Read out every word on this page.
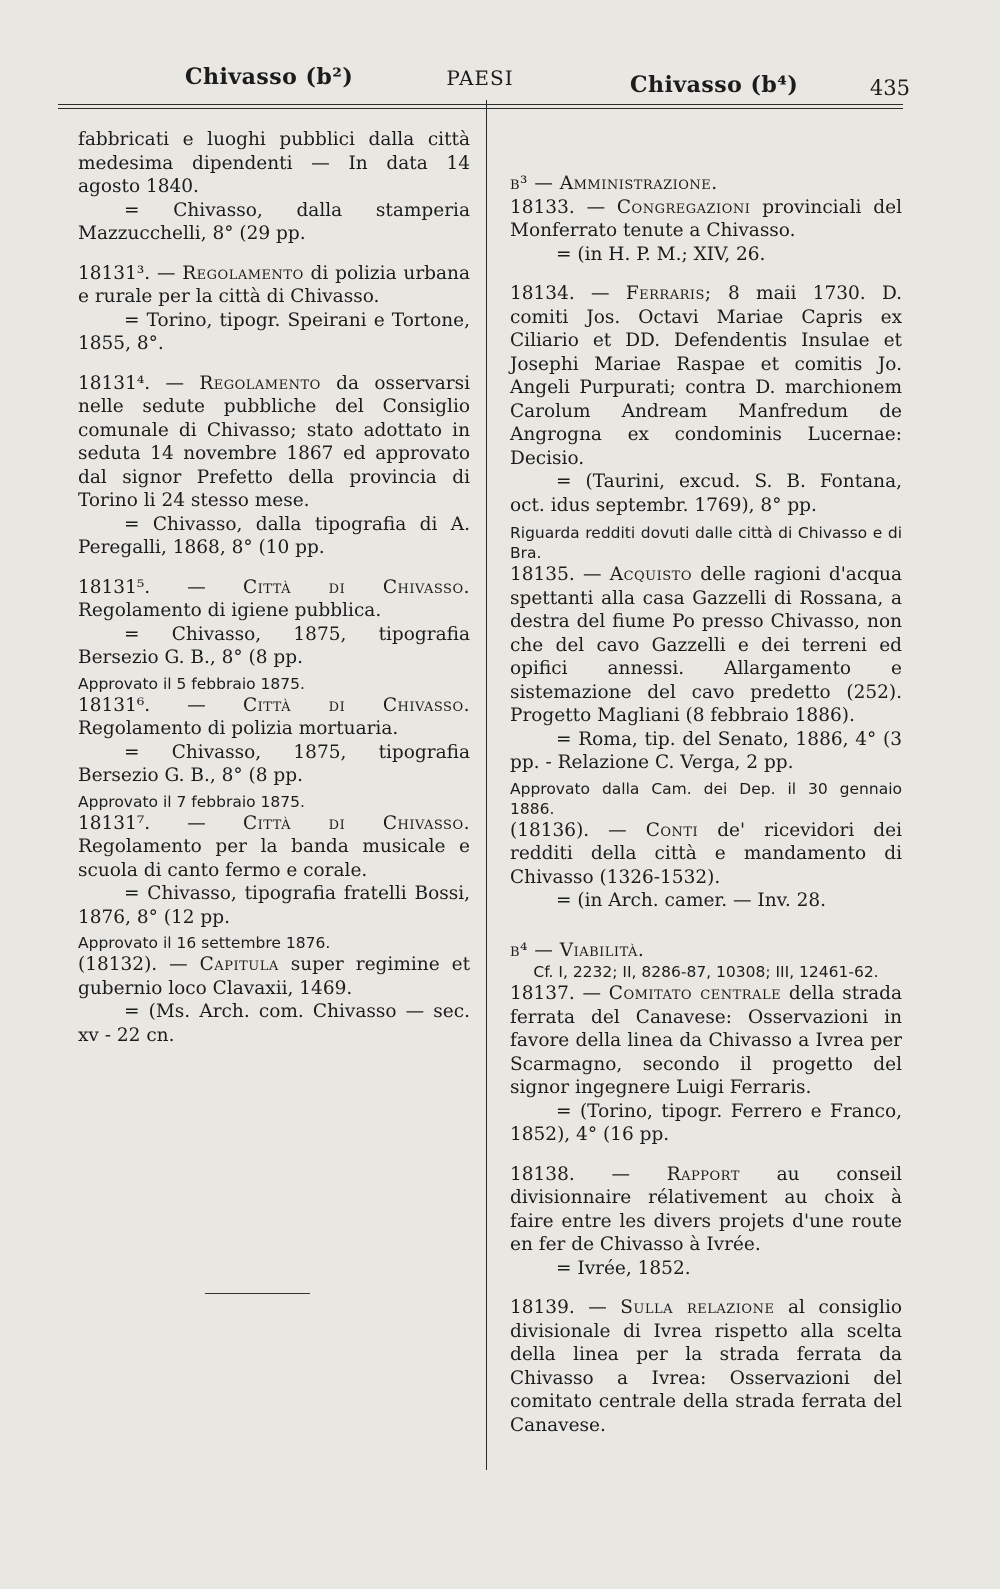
Chivasso (b²)	PAESI	Chivasso (b⁴)	435

fabbricati e luoghi pubblici dalla città medesima dipendenti — In data 14 agosto 1840.

= Chivasso, dalla stamperia Mazzucchelli, 8° (29 pp.

18131³. — Regolamento di polizia urbana e rurale per la città di Chivasso.

= Torino, tipogr. Speirani e Tortone, 1855, 8°.

18131⁴. — Regolamento da osservarsi nelle sedute pubbliche del Consiglio comunale di Chivasso; stato adottato in seduta 14 novembre 1867 ed approvato dal signor Prefetto della provincia di Torino li 24 stesso mese.

= Chivasso, dalla tipografia di A. Peregalli, 1868, 8° (10 pp.

18131⁵. — Città di Chivasso. Regolamento di igiene pubblica.

= Chivasso, 1875, tipografia Bersezio G. B., 8° (8 pp.

Approvato il 5 febbraio 1875.

18131⁶. — Città di Chivasso. Regolamento di polizia mortuaria.

= Chivasso, 1875, tipografia Bersezio G. B., 8° (8 pp.

Approvato il 7 febbraio 1875.

18131⁷. — Città di Chivasso. Regolamento per la banda musicale e scuola di canto fermo e corale.

= Chivasso, tipografia fratelli Bossi, 1876, 8° (12 pp.

Approvato il 16 settembre 1876.

(18132). — Capitula super regimine et gubernio loco Clavaxii, 1469.

= (Ms. Arch. com. Chivasso — sec. xv - 22 cn.

b³ — Amministrazione.

18133. — Congregazioni provinciali del Monferrato tenute a Chivasso.

= (in H. P. M.; XIV, 26.

18134. — Ferraris; 8 maii 1730. D. comiti Jos. Octavi Mariae Capris ex Ciliario et DD. Defendentis Insulae et Josephi Mariae Raspae et comitis Jo. Angeli Purpurati; contra D. marchionem Carolum Andream Manfredum de Angrogna ex condominis Lucernae: Decisio.

= (Taurini, excud. S. B. Fontana, oct. idus septembr. 1769), 8° pp.

Riguarda redditi dovuti dalle città di Chivasso e di Bra.

18135. — Acquisto delle ragioni d'acqua spettanti alla casa Gazzelli di Rossana, a destra del fiume Po presso Chivasso, non che del cavo Gazzelli e dei terreni ed opifici annessi. Allargamento e sistemazione del cavo predetto (252). Progetto Magliani (8 febbraio 1886).

= Roma, tip. del Senato, 1886, 4° (3 pp. - Relazione C. Verga, 2 pp.

Approvato dalla Cam. dei Dep. il 30 gennaio 1886.

(18136). — Conti de' ricevidori dei redditi della città e mandamento di Chivasso (1326-1532).

= (in Arch. camer. — Inv. 28.

b⁴ — Viabilità.

Cf. I, 2232; II, 8286-87, 10308; III, 12461-62.

18137. — Comitato centrale della strada ferrata del Canavese: Osservazioni in favore della linea da Chivasso a Ivrea per Scarmagno, secondo il progetto del signor ingegnere Luigi Ferraris.

= (Torino, tipogr. Ferrero e Franco, 1852), 4° (16 pp.

18138. — Rapport au conseil divisionnaire rélativement au choix à faire entre les divers projets d'une route en fer de Chivasso à Ivrée.

= Ivrée, 1852.

18139. — Sulla relazione al consiglio divisionale di Ivrea rispetto alla scelta della linea per la strada ferrata da Chivasso a Ivrea: Osservazioni del comitato centrale della strada ferrata del Canavese.
